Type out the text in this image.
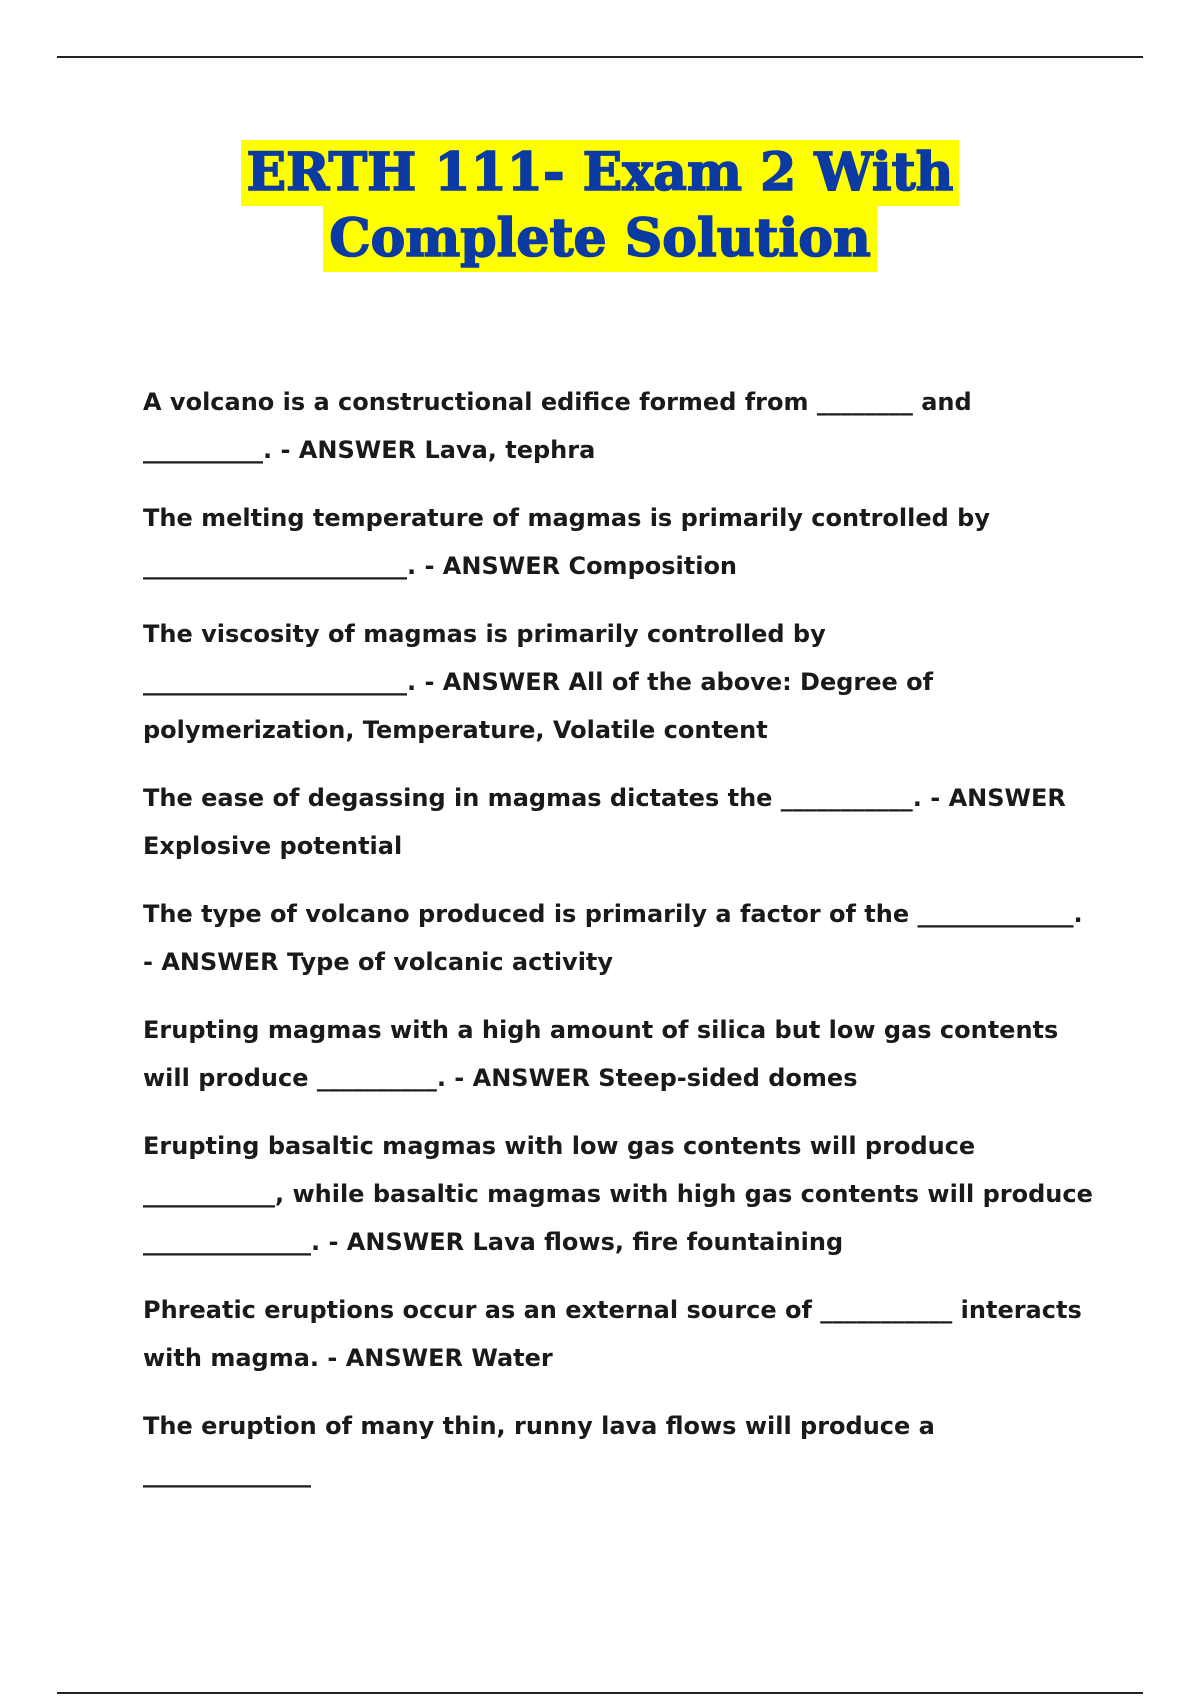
ERTH 111- Exam 2 With
Complete Solution

A volcano is a constructional edifice formed from ________ and __________. - ANSWER Lava, tephra

The melting temperature of magmas is primarily controlled by ______________________. - ANSWER Composition

The viscosity of magmas is primarily controlled by ______________________. - ANSWER All of the above: Degree of polymerization, Temperature, Volatile content

The ease of degassing in magmas dictates the ___________. - ANSWER Explosive potential

The type of volcano produced is primarily a factor of the _____________. - ANSWER Type of volcanic activity

Erupting magmas with a high amount of silica but low gas contents will produce __________. - ANSWER Steep-sided domes

Erupting basaltic magmas with low gas contents will produce ___________, while basaltic magmas with high gas contents will produce ______________. - ANSWER Lava flows, fire fountaining

Phreatic eruptions occur as an external source of ___________ interacts with magma. - ANSWER Water

The eruption of many thin, runny lava flows will produce a ______________
